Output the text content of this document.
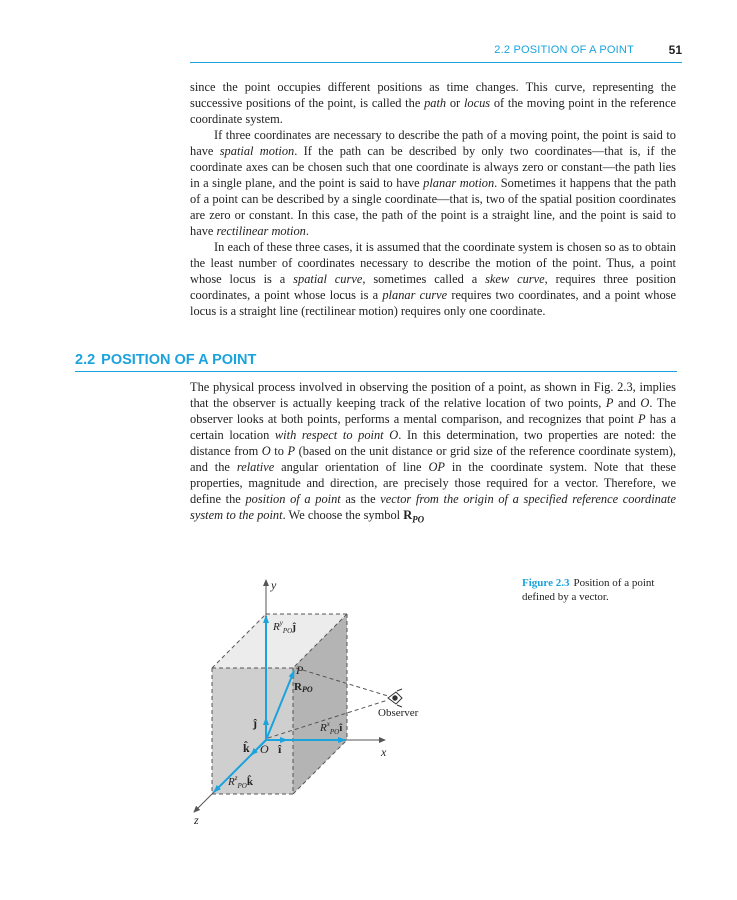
2.2 POSITION OF A POINT	51

since the point occupies different positions as time changes. This curve, representing the successive positions of the point, is called the path or locus of the moving point in the reference coordinate system.

If three coordinates are necessary to describe the path of a moving point, the point is said to have spatial motion. If the path can be described by only two coordinates—that is, if the coordinate axes can be chosen such that one coordinate is always zero or constant—the path lies in a single plane, and the point is said to have planar motion. Sometimes it happens that the path of a point can be described by a single coordinate—that is, two of the spatial position coordinates are zero or constant. In this case, the path of the point is a straight line, and the point is said to have rectilinear motion.

In each of these three cases, it is assumed that the coordinate system is chosen so as to obtain the least number of coordinates necessary to describe the motion of the point. Thus, a point whose locus is a spatial curve, sometimes called a skew curve, requires three position coordinates, a point whose locus is a planar curve requires two coordinates, and a point whose locus is a straight line (rectilinear motion) requires only one coordinate.

2.2 POSITION OF A POINT

The physical process involved in observing the position of a point, as shown in Fig. 2.3, implies that the observer is actually keeping track of the relative location of two points, P and O. The observer looks at both points, performs a mental comparison, and recognizes that point P has a certain location with respect to point O. In this determination, two properties are noted: the distance from O to P (based on the unit distance or grid size of the reference coordinate system), and the relative angular orientation of line OP in the coordinate system. Note that these properties, magnitude and direction, are precisely those required for a vector. Therefore, we define the position of a point as the vector from the origin of a specified reference coordinate system to the point. We choose the symbol $R_{PO}$

y
x
z
P
O
Observer
RPO
ĵ
î
k̂
$R^y_{PO}ĵ$
$R^x_{PO}î$
$R^z_{PO}k̂$
Figure 2.3 Position of a point defined by a vector.
